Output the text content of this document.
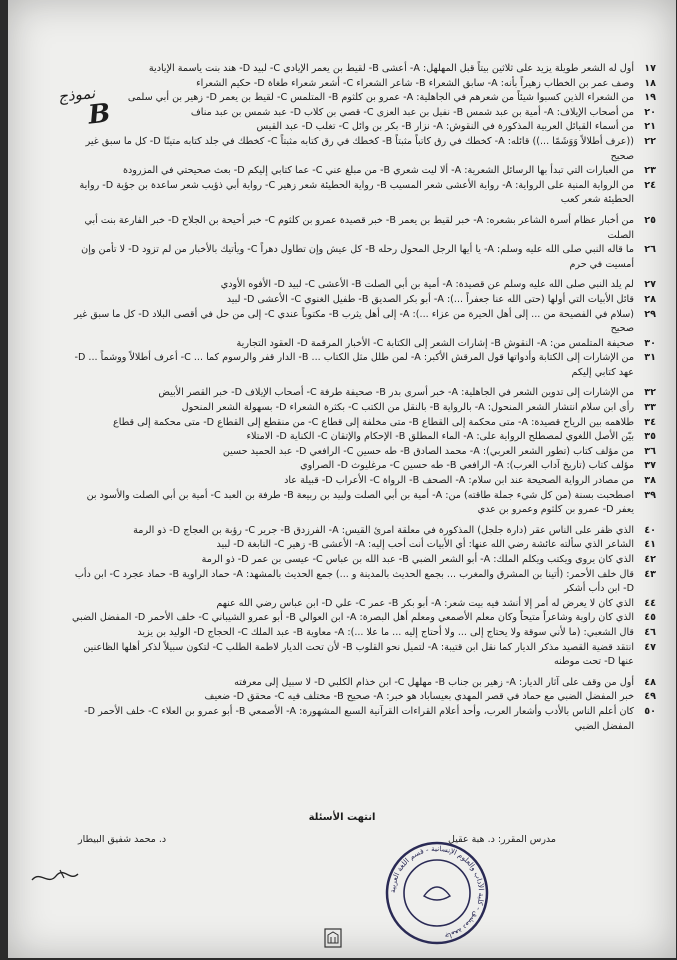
نموذج
B
١٧
أول له الشعر طويلة يزيد على ثلاثين بيتاً قبل المهلهل: A- أعشى B- لقيط بن يعمر الإيادي C- لبيد D- هند بنت ياسمة الإيادية
١٨
وصف عمر بن الخطاب زهيراً بأنه: A- سابق الشعراء B- شاعر الشعراء C- أشعر شعراء طغاة D- حكيم الشعراء
١٩
من الشعراء الذين كسبوا شيئاً من شعرهم في الجاهلية: A- عمرو بن كلثوم B- المتلمس C- لقيط بن يعمر D- زهير بن أبي سلمى
٢٠
من أصحاب الإيلاف: A- أمية بن عبد شمس B- نفيل بن عبد العزى C- قصي بن كلاب D- عبد شمس بن عبد مناف
٢١
من أسماء القبائل العربية المذكورة في النقوش: A- نزار B- بكر بن وائل C- تغلب D- عبد القيس
٢٢
((عرف أطلالاً وَوَشَمًا ...)) قائله: A- كخطك في رق كاتباً مثبتاً B- كخطك في رق كتابه مثبتاً C- كخطك في جلد كتابه متينًا D- كل ما سبق غير صحيح
٢٣
من العبارات التي تبدأ بها الرسائل الشعرية: A- ألا ليت شعري B- من مبلغ عني C- عما كتابي إليكم D- بعث صحيحتي في المزرودة
٢٤
من الرواية المنية على الرواية: A- رواية الأعشى شعر المسيب B- رواية الحطيئة شعر زهير C- رواية أبي ذؤيب شعر ساعدة بن جؤية D- رواية الحطيئة شعر كعب
٢٥
من أخبار عظام أسرة الشاعر بشعره: A- خبر لقيط بن يعمر B- خبر قصيدة عمرو بن كلثوم C- خبر أحيحة بن الجلاح D- خبر الفارعة بنت أبي الصلت
٢٦
ما قاله النبي صلى الله عليه وسلم: A- يا أيها الرجل المحول رحله B- كل عيش وإن تطاول دهراً C- ويأتيك بالأخبار من لم تزود D- لا تأمن وإن أمسيت في حرم
٢٧
لم يلد النبي صلى الله عليه وسلم عن قصيدة: A- أمية بن أبي الصلت B- الأعشى C- لبيد D- الأفوه الأودي
٢٨
قائل الأبيات التي أولها (حتى الله عنا جعفراً ...): A- أبو بكر الصديق B- طفيل الغنوي C- الأعشى D- لبيد
٢٩
(سلام في الفصيحة من ... إلى أهل الحيرة من عزاء ...): A- إلى أهل يثرب B- مكتوباً عندي C- إلى من حل في أقصى البلاد D- كل ما سبق غير صحيح
٣٠
صحيفة المتلمس من: A- النقوش B- إشارات الشعر إلى الكتابة C- الأخبار المرقمة D- العقود التجارية
٣١
من الإشارات إلى الكتابة وأدواتها قول المرقش الأكبر: A- لمن طلل مثل الكتاب ... B- الدار قفر والرسوم كما ... C- أعرف أطلالاً ووشماً ... D- عهد كتابي إليكم
٣٢
من الإشارات إلى تدوين الشعر في الجاهلية: A- خبر أسرى بدر B- صحيفة طرفة C- أصحاب الإيلاف D- خبر القصر الأبيض
٣٣
رأى ابن سلام انتشار الشعر المنحول: A- بالرواية B- بالنقل من الكتب C- بكثرة الشعراء D- بسهولة الشعر المنحول
٣٤
طلاهمه بين الرياح قصيدة: A- متى محكمة إلى القطاع B- متى مخلفة إلى قطاع C- من منقطع إلى القطاع D- متى محكمة إلى قطاع
٣٥
بيّن الأصل اللغوي لمصطلح الرواية على: A- الماء المطلق B- الإحكام والإتقان C- الكناية D- الامتلاء
٣٦
من مؤلف كتاب (تطور الشعر العربي): A- محمد الصادق B- طه حسين C- الرافعي D- عبد الحميد حسين
٣٧
مؤلف كتاب (تاريخ آداب العرب): A- الرافعي B- طه حسين C- مرغليوث D- الصراوي
٣٨
من مصادر الرواية الصحيحة عند ابن سلام: A- الصحف B- الرواة C- الأعراب D- قبيلة عاد
٣٩
اصطحبت بسنة (من كل شيء جملة طاقته) من: A- أمية بن أبي الصلت ولبيد بن ربيعة B- طرفة بن العبد C- أمية بن أبي الصلت والأسود بن يعفر D- عمرو بن كلثوم وعمرو بن عدي
٤٠
الذي ظفر على الناس عقر (دارة جلجل) المذكورة في معلقة امرئ القيس: A- الفرزدق B- جرير C- رؤبة بن العجاج D- ذو الرمة
٤١
الشاعر الذي سألته عائشة رضي الله عنها: أي الأبيات أنت أحب إليه: A- الأعشى B- زهير C- النابغة D- لبيد
٤٢
الذي كان يروي ويكتب ويكلم الملك: A- أبو الشعر الضبي B- عبد الله بن عباس C- عيسى بن عمر D- ذو الرمة
٤٣
قال خلف الأحمر: (أتينا بن المشرق والمغرب ... بجمع الحديث بالمدينة و ...) جمع الحديث بالمشهد: A- حماد الراوية B- حماد عجرد C- ابن دأب D- ابن دأب أشكر
٤٤
الذي كان لا يعرض له أمر إلا أنشد فيه بيت شعر: A- أبو بكر B- عمر C- علي D- ابن عباس رضي الله عنهم
٤٥
الذي كان راوية وشاعراً متيحاً وكان معلم الأصمعي ومعلم أهل البصرة: A- ابن العوالي B- أبو عمرو الشيباني C- خلف الأحمر D- المفضل الضبي
٤٦
قال الشعبي: (ما لأني سوقة ولا يحتاج إلى ... ولا أحتاج إليه ... ما علا ...): A- معاوية B- عبد الملك C- الحجاج D- الوليد بن يزيد
٤٧
انتقد قضية القصيد مذكر الديار كما نقل ابن قتيبة: A- لتميل نحو القلوب B- لأن تحت الديار لاطمة الطلب C- لتكون سبيلاً لذكر أهلها الظاعنين عنها D- تحت موطنه
٤٨
أول من وقف على آثار الديار: A- زهير بن جناب B- مهلهل C- ابن خذام الكلبي D- لا سبيل إلى معرفته
٤٩
خبر المفضل الضبي مع حماد في قصر المهدي بعيساباد هو خبر: A- صحيح B- مختلف فيه C- محقق D- ضعيف
٥٠
كان أعلم الناس بالأدب وأشعار العرب، وأحد أعلام القراءات القرآنية السبع المشهورة: A- الأصمعي B- أبو عمرو بن العلاء C- خلف الأحمر D- المفضل الضبي
انتهت الأسئلة
مدرس المقرر: د. هبة عقيل
د. محمد شفيق البيطار
جامعة دمشق - كلية الآداب والعلوم الإنسانية - قسم اللغة العربية
